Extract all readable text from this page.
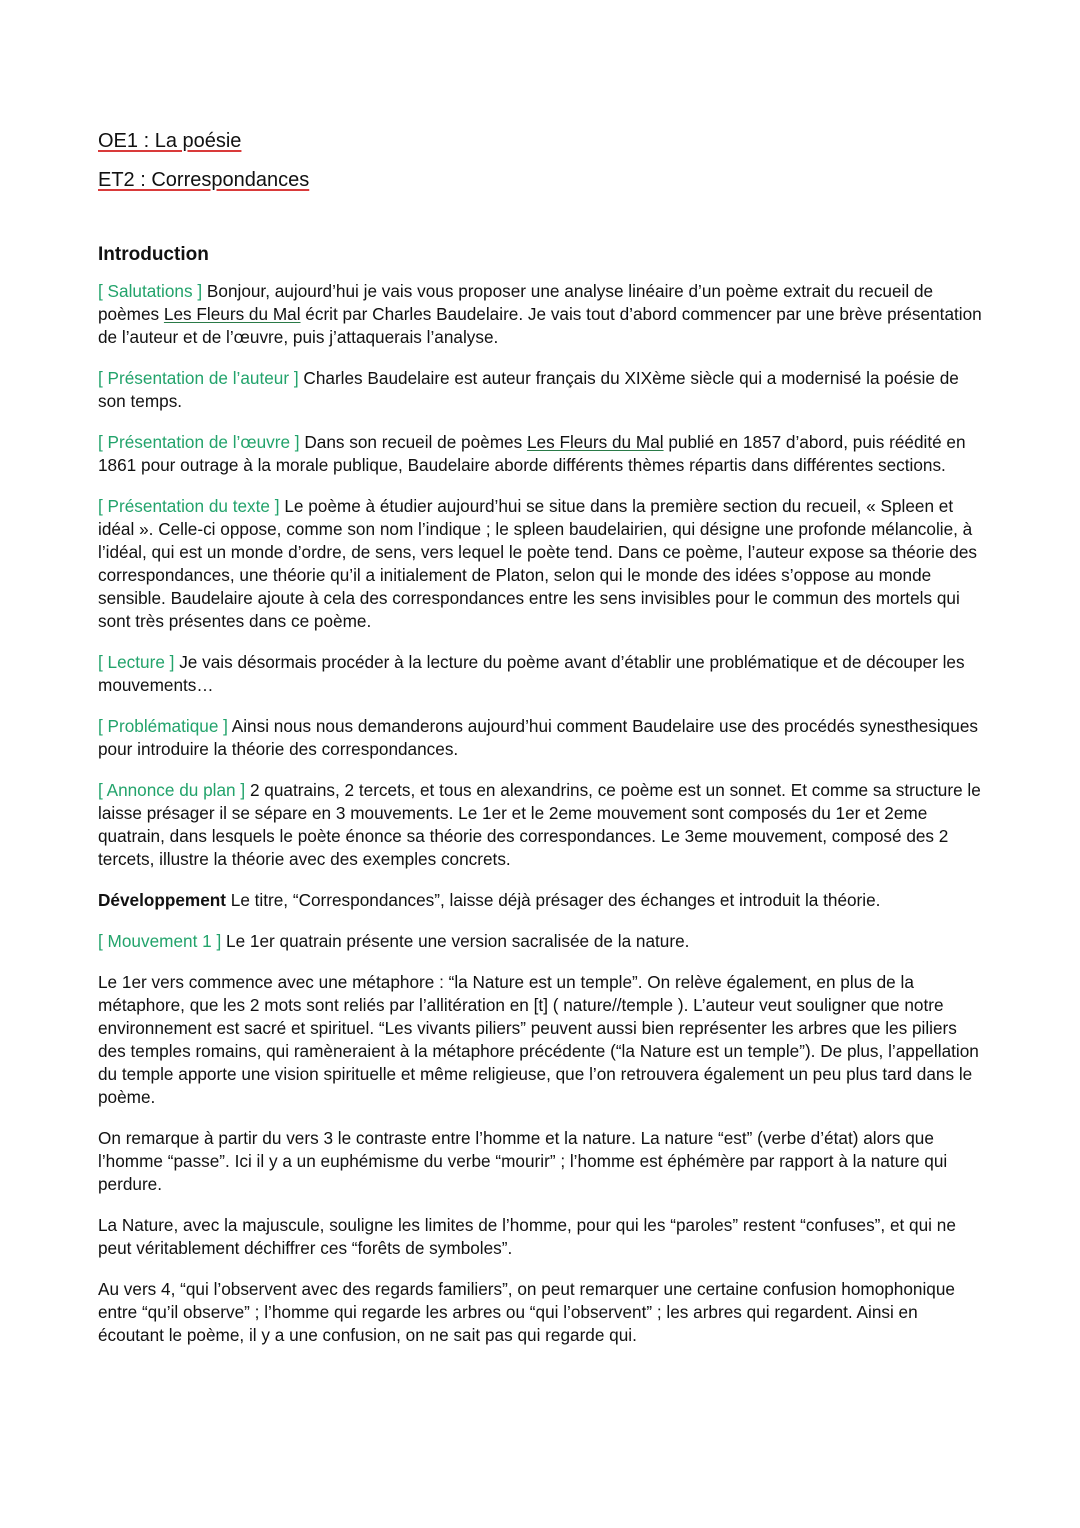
OE1 : La poésie
ET2 : Correspondances
Introduction

[ Salutations ] Bonjour, aujourd’hui je vais vous proposer une analyse linéaire d’un poème extrait du recueil de poèmes Les Fleurs du Mal écrit par Charles Baudelaire. Je vais tout d’abord commencer par une brève présentation de l’auteur et de l’œuvre, puis j’attaquerais l’analyse.

[ Présentation de l’auteur ] Charles Baudelaire est auteur français du XIXème siècle qui a modernisé la poésie de son temps.

[ Présentation de l’œuvre ] Dans son recueil de poèmes Les Fleurs du Mal publié en 1857 d’abord, puis réédité en 1861 pour outrage à la morale publique, Baudelaire aborde différents thèmes répartis dans différentes sections.

[ Présentation du texte ] Le poème à étudier aujourd’hui se situe dans la première section du recueil, « Spleen et idéal ». Celle-ci oppose, comme son nom l’indique ; le spleen baudelairien, qui désigne une profonde mélancolie, à l’idéal, qui est un monde d’ordre, de sens, vers lequel le poète tend. Dans ce poème, l’auteur expose sa théorie des correspondances, une théorie qu’il a initialement de Platon, selon qui le monde des idées s’oppose au monde sensible. Baudelaire ajoute à cela des correspondances entre les sens invisibles pour le commun des mortels qui sont très présentes dans ce poème.

[ Lecture ] Je vais désormais procéder à la lecture du poème avant d’établir une problématique et de découper les mouvements…

[ Problématique ] Ainsi nous nous demanderons aujourd’hui comment Baudelaire use des procédés synesthesiques pour introduire la théorie des correspondances.

[ Annonce du plan ] 2 quatrains, 2 tercets, et tous en alexandrins, ce poème est un sonnet. Et comme sa structure le laisse présager il se sépare en 3 mouvements. Le 1er et le 2eme mouvement sont composés du 1er et 2eme quatrain, dans lesquels le poète énonce sa théorie des correspondances. Le 3eme mouvement, composé des 2 tercets, illustre la théorie avec des exemples concrets.

Développement Le titre, “Correspondances”, laisse déjà présager des échanges et introduit la théorie.

[ Mouvement 1 ] Le 1er quatrain présente une version sacralisée de la nature.

Le 1er vers commence avec une métaphore : “la Nature est un temple”. On relève également, en plus de la métaphore, que les 2 mots sont reliés par l’allitération en [t] ( nature//temple ). L’auteur veut souligner que notre environnement est sacré et spirituel. “Les vivants piliers” peuvent aussi bien représenter les arbres que les piliers des temples romains, qui ramèneraient à la métaphore précédente (“la Nature est un temple”). De plus, l’appellation du temple apporte une vision spirituelle et même religieuse, que l’on retrouvera également un peu plus tard dans le poème.

On remarque à partir du vers 3 le contraste entre l’homme et la nature. La nature “est” (verbe d’état) alors que l’homme “passe”. Ici il y a un euphémisme du verbe “mourir” ; l’homme est éphémère par rapport à la nature qui perdure.

La Nature, avec la majuscule, souligne les limites de l’homme, pour qui les “paroles” restent “confuses”, et qui ne peut véritablement déchiffrer ces “forêts de symboles”.

Au vers 4, “qui l’observent avec des regards familiers”, on peut remarquer une certaine confusion homophonique entre “qu’il observe” ; l’homme qui regarde les arbres ou “qui l’observent” ; les arbres qui regardent. Ainsi en écoutant le poème, il y a une confusion, on ne sait pas qui regarde qui.
